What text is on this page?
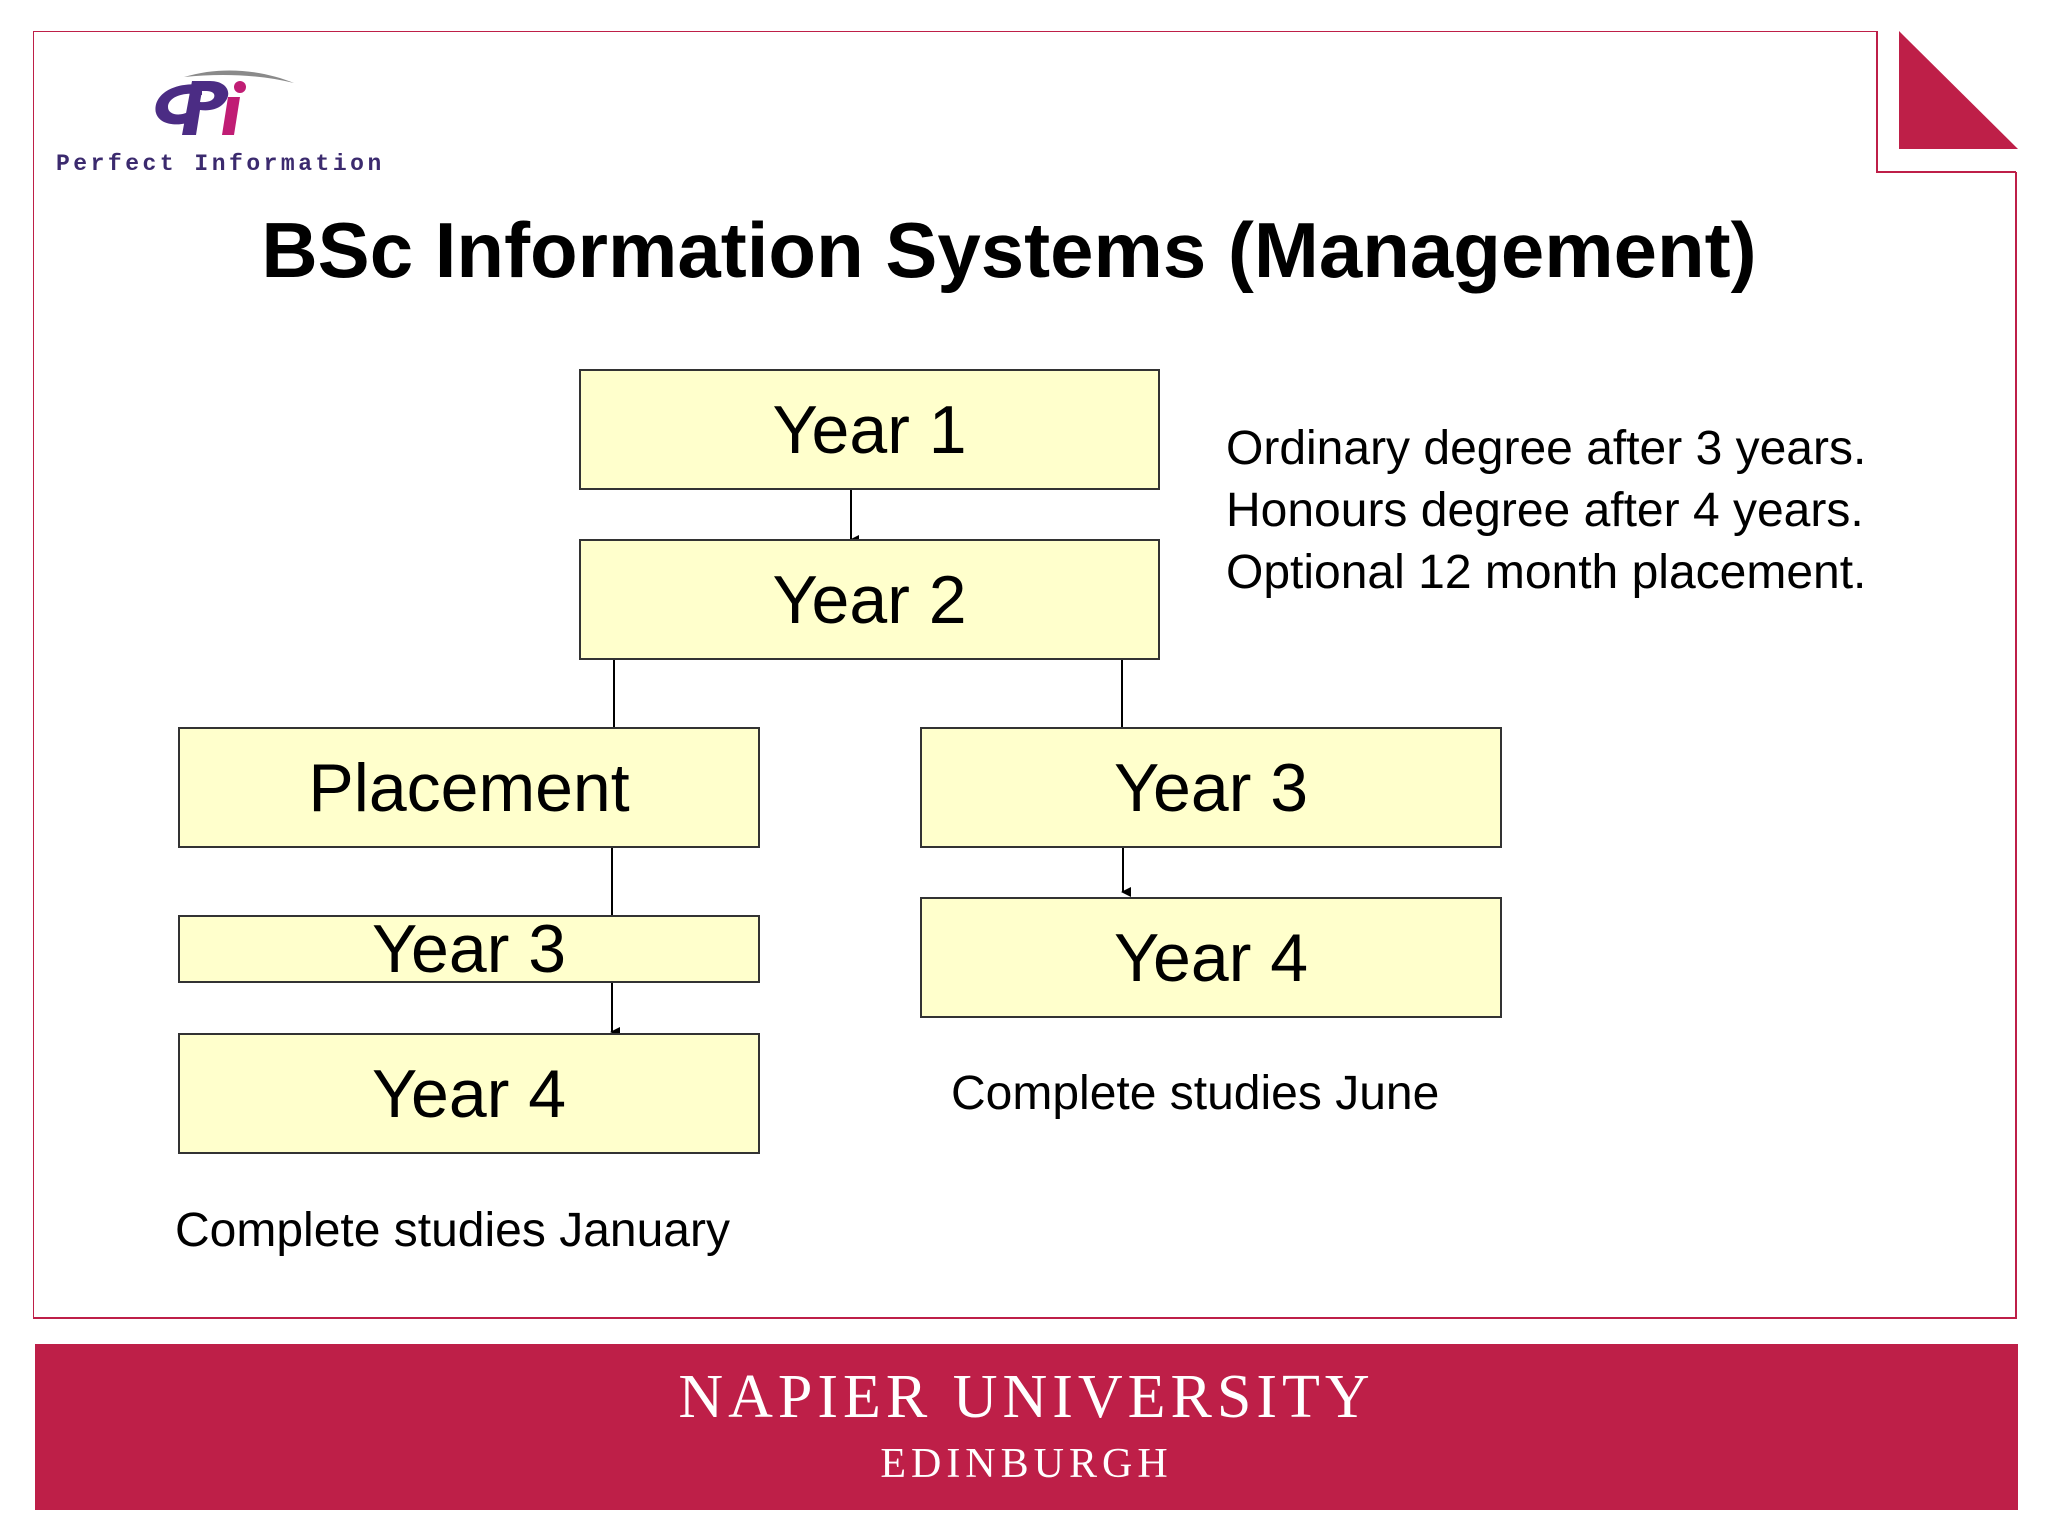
Perfect Information
BSc Information Systems (Management)
Year 1
Year 2
Placement
Year 3
Year 4
Year 3
Year 4
Ordinary degree after 3 years.
Honours degree after 4 years.
Optional 12 month placement.
Complete studies January
Complete studies June
NAPIER UNIVERSITY
EDINBURGH
